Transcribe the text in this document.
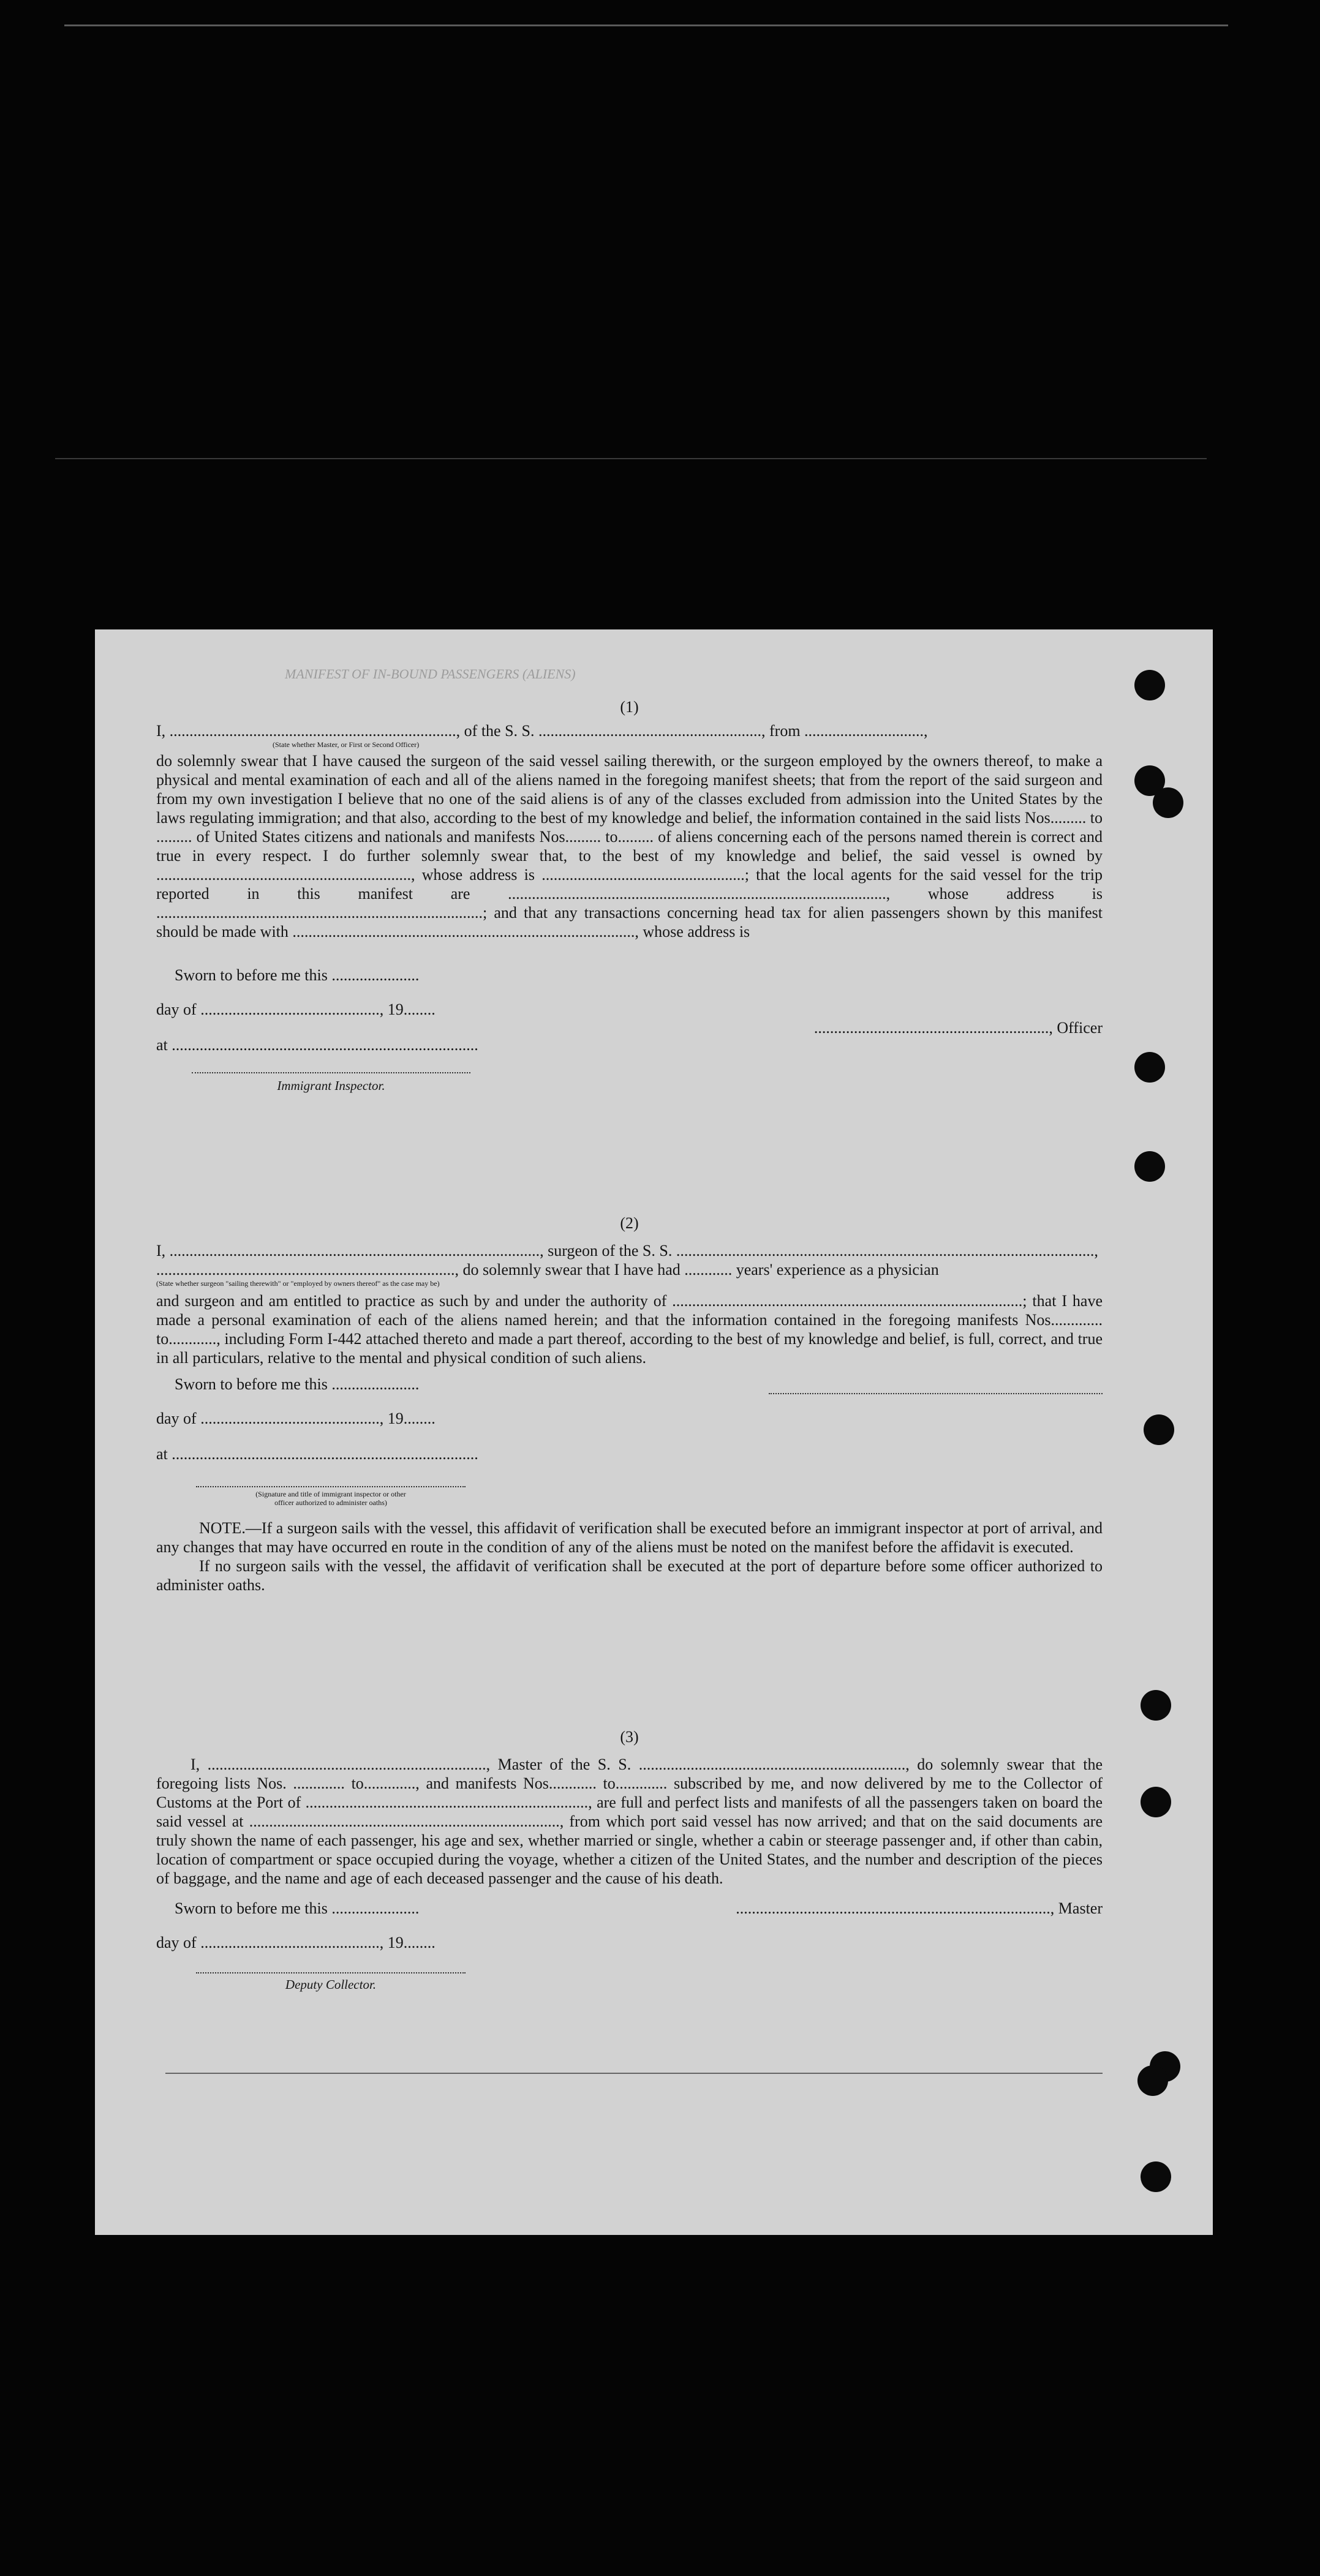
MANIFEST OF IN-BOUND PASSENGERS (ALIENS)
(1)
I, ........................................................................, of the S. S. ........................................................, from ..............................,
(State whether Master, or First or Second Officer)

do solemnly swear that I have caused the surgeon of the said vessel sailing therewith, or the surgeon employed by the owners thereof, to make a physical and mental examination of each and all of the aliens named in the foregoing manifest sheets; that from the report of the said surgeon and from my own investigation I believe that no one of the said aliens is of any of the classes excluded from admission into the United States by the laws regulating immigration; and that also, according to the best of my knowledge and belief, the information contained in the said lists Nos......... to ......... of United States citizens and nationals and manifests Nos......... to......... of aliens concerning each of the persons named therein is correct and true in every respect. I do further solemnly swear that, to the best of my knowledge and belief, the said vessel is owned by ................................................................, whose address is ...................................................; that the local agents for the said vessel for the trip reported in this manifest are ..............................................................................................., whose address is ..................................................................................; and that any transactions concerning head tax for alien passengers shown by this manifest should be made with ......................................................................................, whose address is

Sworn to before me this ......................
day of ............................................., 19........
at .............................................................................
..........................................................., Officer
Immigrant Inspector.
(2)
I, ............................................................................................., surgeon of the S. S. .........................................................................................................,
..........................................................................., do solemnly swear that I have had ............ years' experience as a physician
(State whether surgeon "sailing therewith" or "employed by owners thereof" as the case may be)

and surgeon and am entitled to practice as such by and under the authority of ........................................................................................; that I have made a personal examination of each of the aliens named herein; and that the information contained in the foregoing manifests Nos............. to............, including Form I-442 attached thereto and made a part thereof, according to the best of my knowledge and belief, is full, correct, and true in all particulars, relative to the mental and physical condition of such aliens.

Sworn to before me this ......................
day of ............................................., 19........
at .............................................................................
(Signature and title of immigrant inspector or other officer authorized to administer oaths)

NOTE.—If a surgeon sails with the vessel, this affidavit of verification shall be executed before an immigrant inspector at port of arrival, and any changes that may have occurred en route in the condition of any of the aliens must be noted on the manifest before the affidavit is executed.

If no surgeon sails with the vessel, the affidavit of verification shall be executed at the port of departure before some officer authorized to administer oaths.

(3)

I, ......................................................................, Master of the S. S. ..................................................................., do solemnly swear that the foregoing lists Nos. ............. to............., and manifests Nos............ to............. subscribed by me, and now delivered by me to the Collector of Customs at the Port of ......................................................................., are full and perfect lists and manifests of all the passengers taken on board the said vessel at .............................................................................., from which port said vessel has now arrived; and that on the said documents are truly shown the name of each passenger, his age and sex, whether married or single, whether a cabin or steerage passenger and, if other than cabin, location of compartment or space occupied during the voyage, whether a citizen of the United States, and the number and description of the pieces of baggage, and the name and age of each deceased passenger and the cause of his death.

Sworn to before me this ......................	..............................................................................., Master
day of ............................................., 19........
Deputy Collector.
